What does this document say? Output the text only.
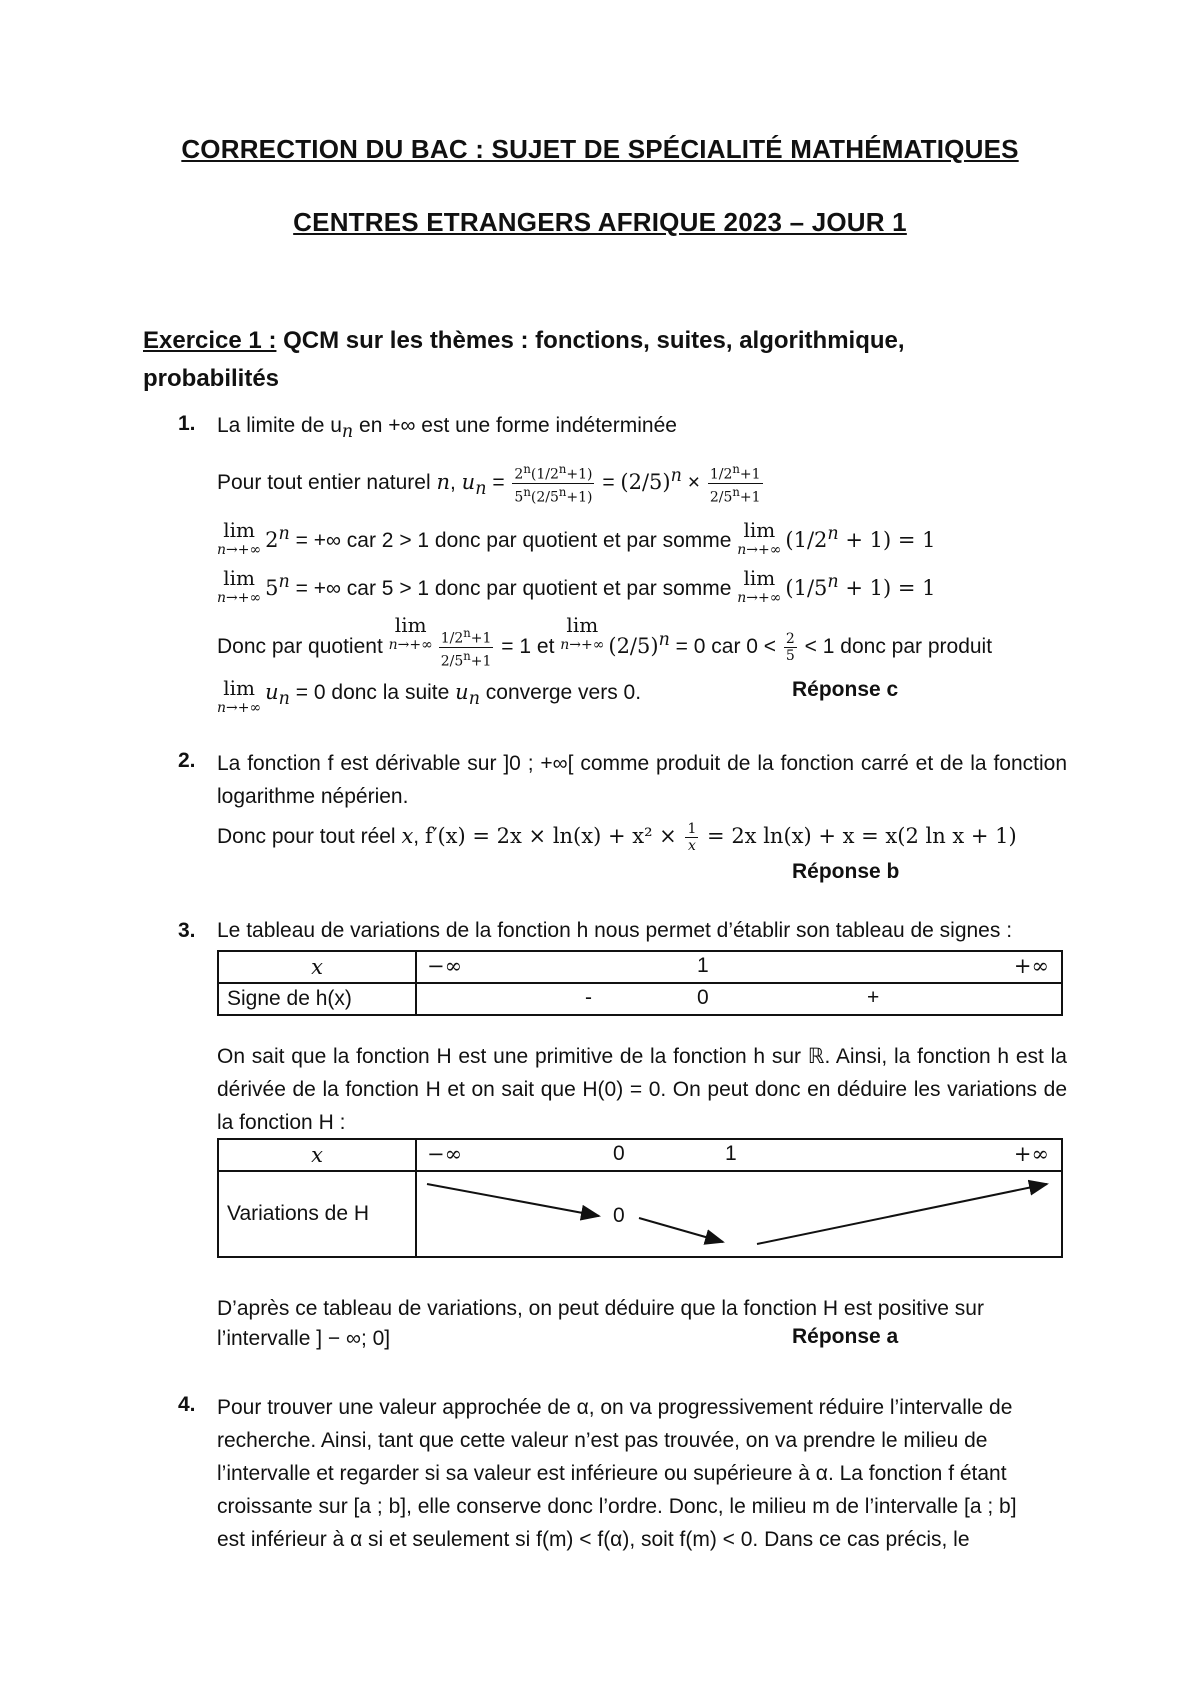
CORRECTION DU BAC : SUJET DE SPÉCIALITÉ MATHÉMATIQUES
CENTRES ETRANGERS AFRIQUE 2023 – JOUR 1
Exercice 1 : QCM sur les thèmes : fonctions, suites, algorithmique, probabilités
1. La limite de $u_n$ en +∞ est une forme indéterminée
Pour tout entier naturel n, $u_n = \frac{2^n(1/2^n+1)}{5^n(2/5^n+1)} = (2/5)^n \times \frac{1/2^n+1}{2/5^n+1}$
lim
n→+∞ $2^n$ = +∞ car 2 > 1 donc par quotient et par somme lim
n→+∞ $(1/2^n + 1) = 1$
lim
n→+∞ $5^n$ = +∞ car 5 > 1 donc par quotient et par somme lim
n→+∞ $(1/5^n + 1) = 1$
Donc par quotient
lim
$n\to+\infty \frac{1/2^n+1}{2/5^n+1} = 1$ et
lim
n→+∞ $(2/5)^n = 0$ car $0 < \frac{2}{5} < 1$ donc par produit
lim
n→+∞
$u_n = 0$ donc la suite $u_n$ converge vers 0.	Réponse c
2. La fonction f est dérivable sur ]0 ; +∞[ comme produit de la fonction carré et de la fonction logarithme népérien.
Donc pour tout réel x, $f'(x) = 2x \times \ln(x) + x^2 \times \frac{1}{x} = 2x$ ln(x) + x = x(2 ln x + 1)
Réponse b
3. Le tableau de variations de la fonction h nous permet d’établir son tableau de signes :
x	−∞ 1 +∞

Signe de h(x)	- 0 +
On sait que la fonction H est une primitive de la fonction h sur ℝ. Ainsi, la fonction h est la dérivée de la fonction H et on sait que H(0) = 0. On peut donc en déduire les variations de la fonction H :
x	−∞ 0 1 +∞

Variations de H	0
D’après ce tableau de variations, on peut déduire que la fonction H est positive sur
l’intervalle ] − ∞; 0]	Réponse a
4. Pour trouver une valeur approchée de α, on va progressivement réduire l’intervalle de
recherche. Ainsi, tant que cette valeur n’est pas trouvée, on va prendre le milieu de
l’intervalle et regarder si sa valeur est inférieure ou supérieure à α. La fonction f étant
croissante sur [a ; b], elle conserve donc l’ordre. Donc, le milieu m de l’intervalle [a ; b]
est inférieur à α si et seulement si f(m) < f(α), soit f(m) < 0. Dans ce cas précis, le
